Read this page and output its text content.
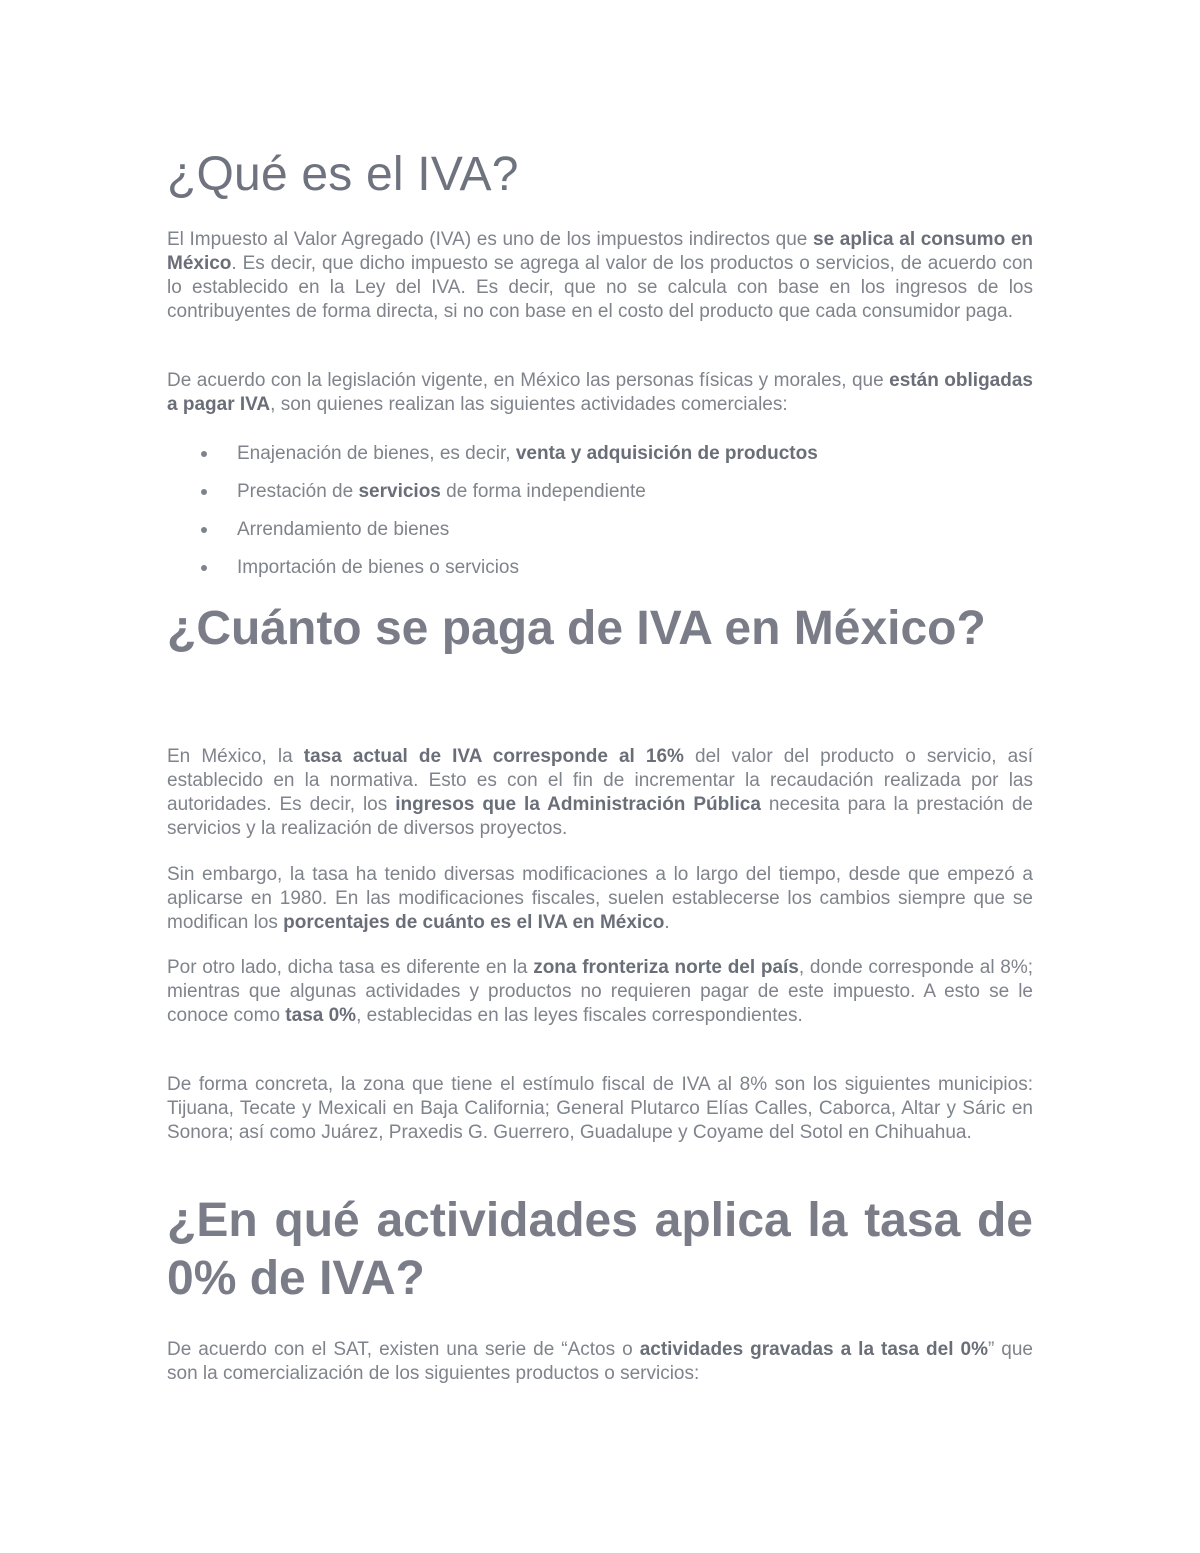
¿Qué es el IVA?

El Impuesto al Valor Agregado (IVA) es uno de los impuestos indirectos que se aplica al consumo en México. Es decir, que dicho impuesto se agrega al valor de los productos o servicios, de acuerdo con lo establecido en la Ley del IVA. Es decir, que no se calcula con base en los ingresos de los contribuyentes de forma directa, si no con base en el costo del producto que cada consumidor paga.

De acuerdo con la legislación vigente, en México las personas físicas y morales, que están obligadas a pagar IVA, son quienes realizan las siguientes actividades comerciales:

Enajenación de bienes, es decir, venta y adquisición de productos
Prestación de servicios de forma independiente
Arrendamiento de bienes
Importación de bienes o servicios
¿Cuánto se paga de IVA en México?

En México, la tasa actual de IVA corresponde al 16% del valor del producto o servicio, así establecido en la normativa. Esto es con el fin de incrementar la recaudación realizada por las autoridades. Es decir, los ingresos que la Administración Pública necesita para la prestación de servicios y la realización de diversos proyectos.

Sin embargo, la tasa ha tenido diversas modificaciones a lo largo del tiempo, desde que empezó a aplicarse en 1980. En las modificaciones fiscales, suelen establecerse los cambios siempre que se modifican los porcentajes de cuánto es el IVA en México.

Por otro lado, dicha tasa es diferente en la zona fronteriza norte del país, donde corresponde al 8%; mientras que algunas actividades y productos no requieren pagar de este impuesto. A esto se le conoce como tasa 0%, establecidas en las leyes fiscales correspondientes.

De forma concreta, la zona que tiene el estímulo fiscal de IVA al 8% son los siguientes municipios: Tijuana, Tecate y Mexicali en Baja California; General Plutarco Elías Calles, Caborca, Altar y Sáric en Sonora; así como Juárez, Praxedis G. Guerrero, Guadalupe y Coyame del Sotol en Chihuahua.

¿En qué actividades aplica la tasa de 0% de IVA?

De acuerdo con el SAT, existen una serie de “Actos o actividades gravadas a la tasa del 0%” que son la comercialización de los siguientes productos o servicios:
